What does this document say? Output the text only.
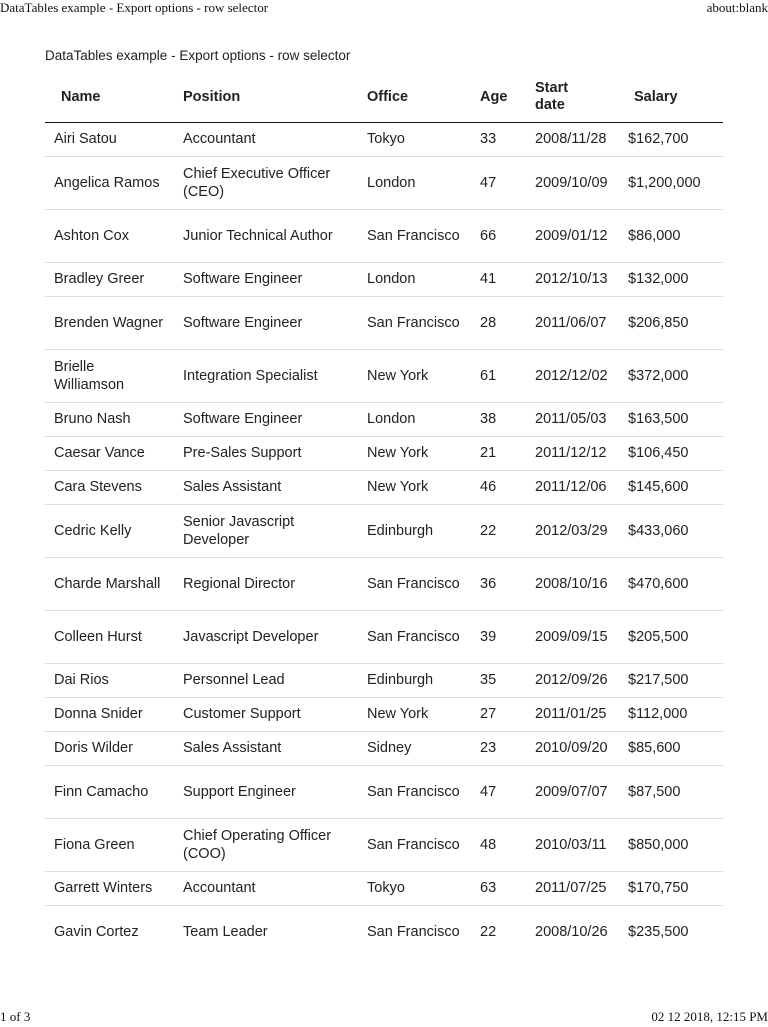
DataTables example - Export options - row selector	about:blank
DataTables example - Export options - row selector
Name	Position	Office	Age	Start date	Salary
Airi Satou	Accountant	Tokyo	33	2008/11/28	$162,700
Angelica Ramos	Chief Executive Officer (CEO)	London	47	2009/10/09	$1,200,000
Ashton Cox	Junior Technical Author	San Francisco	66	2009/01/12	$86,000
Bradley Greer	Software Engineer	London	41	2012/10/13	$132,000
Brenden Wagner	Software Engineer	San Francisco	28	2011/06/07	$206,850
Brielle Williamson	Integration Specialist	New York	61	2012/12/02	$372,000
Bruno Nash	Software Engineer	London	38	2011/05/03	$163,500
Caesar Vance	Pre-Sales Support	New York	21	2011/12/12	$106,450
Cara Stevens	Sales Assistant	New York	46	2011/12/06	$145,600
Cedric Kelly	Senior Javascript Developer	Edinburgh	22	2012/03/29	$433,060
Charde Marshall	Regional Director	San Francisco	36	2008/10/16	$470,600
Colleen Hurst	Javascript Developer	San Francisco	39	2009/09/15	$205,500
Dai Rios	Personnel Lead	Edinburgh	35	2012/09/26	$217,500
Donna Snider	Customer Support	New York	27	2011/01/25	$112,000
Doris Wilder	Sales Assistant	Sidney	23	2010/09/20	$85,600
Finn Camacho	Support Engineer	San Francisco	47	2009/07/07	$87,500
Fiona Green	Chief Operating Officer (COO)	San Francisco	48	2010/03/11	$850,000
Garrett Winters	Accountant	Tokyo	63	2011/07/25	$170,750
Gavin Cortez	Team Leader	San Francisco	22	2008/10/26	$235,500
1 of 3	02 12 2018, 12:15 PM
